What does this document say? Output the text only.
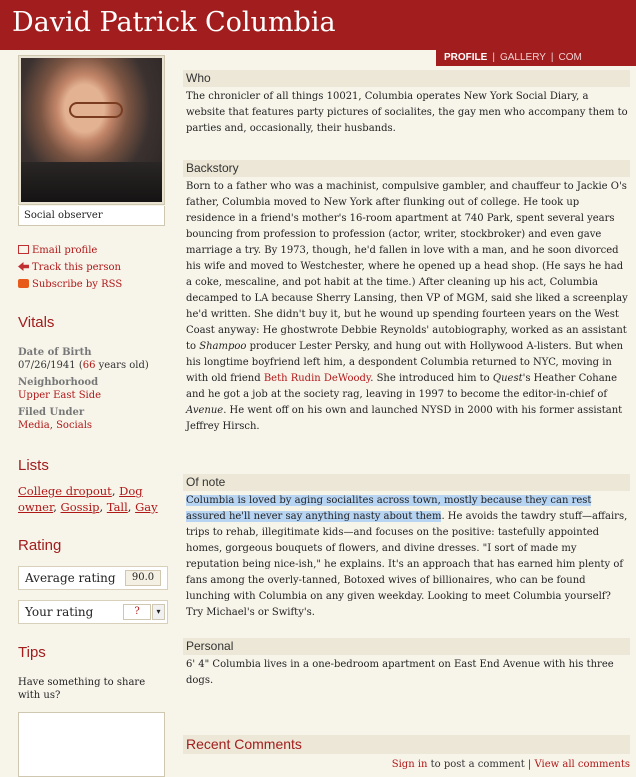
David Patrick Columbia
PROFILE | GALLERY | COM
Social observer
Email profile
Track this person
Subscribe by RSS
Vitals
Date of Birth
07/26/1941 (66 years old)
Neighborhood
Upper East Side
Filed Under
Media, Socials
Lists
College dropout, Dog owner, Gossip, Tall, Gay
Rating
Average rating	90.0
Your rating	?	▾
Tips
Have something to share with us?
Who

The chronicler of all things 10021, Columbia operates New York Social Diary, a website that features party pictures of socialites, the gay men who accompany them to parties and, occasionally, their husbands.

Backstory

Born to a father who was a machinist, compulsive gambler, and chauffeur to Jackie O's father, Columbia moved to New York after flunking out of college. He took up residence in a friend's mother's 16-room apartment at 740 Park, spent several years bouncing from profession to profession (actor, writer, stockbroker) and even gave marriage a try. By 1973, though, he'd fallen in love with a man, and he soon divorced his wife and moved to Westchester, where he opened up a head shop. (He says he had a coke, mescaline, and pot habit at the time.) After cleaning up his act, Columbia decamped to LA because Sherry Lansing, then VP of MGM, said she liked a screenplay he'd written. She didn't buy it, but he wound up spending fourteen years on the West Coast anyway: He ghostwrote Debbie Reynolds' autobiography, worked as an assistant to Shampoo producer Lester Persky, and hung out with Hollywood A-listers. But when his longtime boyfriend left him, a despondent Columbia returned to NYC, moving in with old friend Beth Rudin DeWoody. She introduced him to Quest's Heather Cohane and he got a job at the society rag, leaving in 1997 to become the editor-in-chief of Avenue. He went off on his own and launched NYSD in 2000 with his former assistant Jeffrey Hirsch.

Of note

Columbia is loved by aging socialites across town, mostly because they can rest assured he'll never say anything nasty about them. He avoids the tawdry stuff—affairs, trips to rehab, illegitimate kids—and focuses on the positive: tastefully appointed homes, gorgeous bouquets of flowers, and divine dresses. "I sort of made my reputation being nice-ish," he explains. It's an approach that has earned him plenty of fans among the overly-tanned, Botoxed wives of billionaires, who can be found lunching with Columbia on any given weekday. Looking to meet Columbia yourself? Try Michael's or Swifty's.

Personal

6' 4" Columbia lives in a one-bedroom apartment on East End Avenue with his three dogs.

Recent Comments
Sign in to post a comment | View all comments
